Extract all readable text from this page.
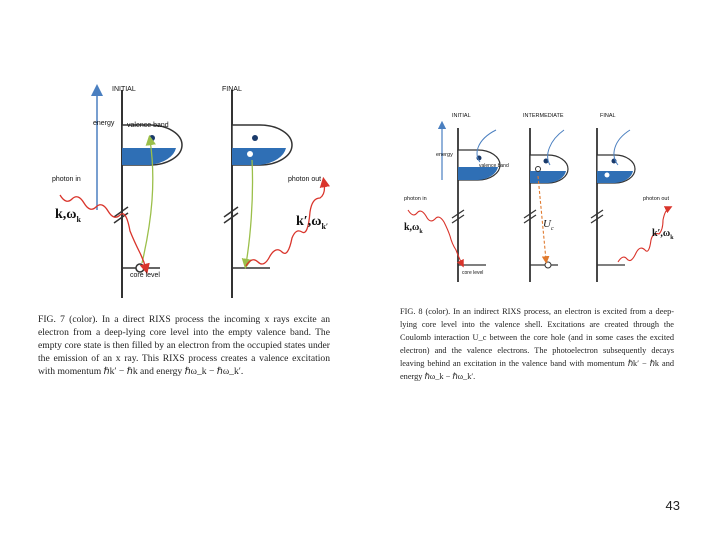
INITIAL	FINAL
energy valence band
photon in	photon out
core level
$k,\omega_k$	$k',\omega_{k'}$
FIG. 7 (color). In a direct RIXS process the incoming x rays excite an electron from a deep-lying core level into the empty valence band. The empty core state is then filled by an electron from the occupied states under the emission of an x ray. This RIXS process creates a valence excitation with momentum ℏk′ − ℏk and energy ℏω_k − ℏω_k′.
INITIAL	INTERMEDIATE	FINAL
energy
valence band
photon in	photon out
core level
$k,\omega_k$	$k',\omega_k$
$U_c$
FIG. 8 (color). In an indirect RIXS process, an electron is excited from a deep-lying core level into the valence shell. Excitations are created through the Coulomb interaction U_c between the core hole (and in some cases the excited electron) and the valence electrons. The photoelectron subsequently decays leaving behind an excitation in the valence band with momentum ℏk′ − ℏk and energy ℏω_k − ℏω_k′.
43
